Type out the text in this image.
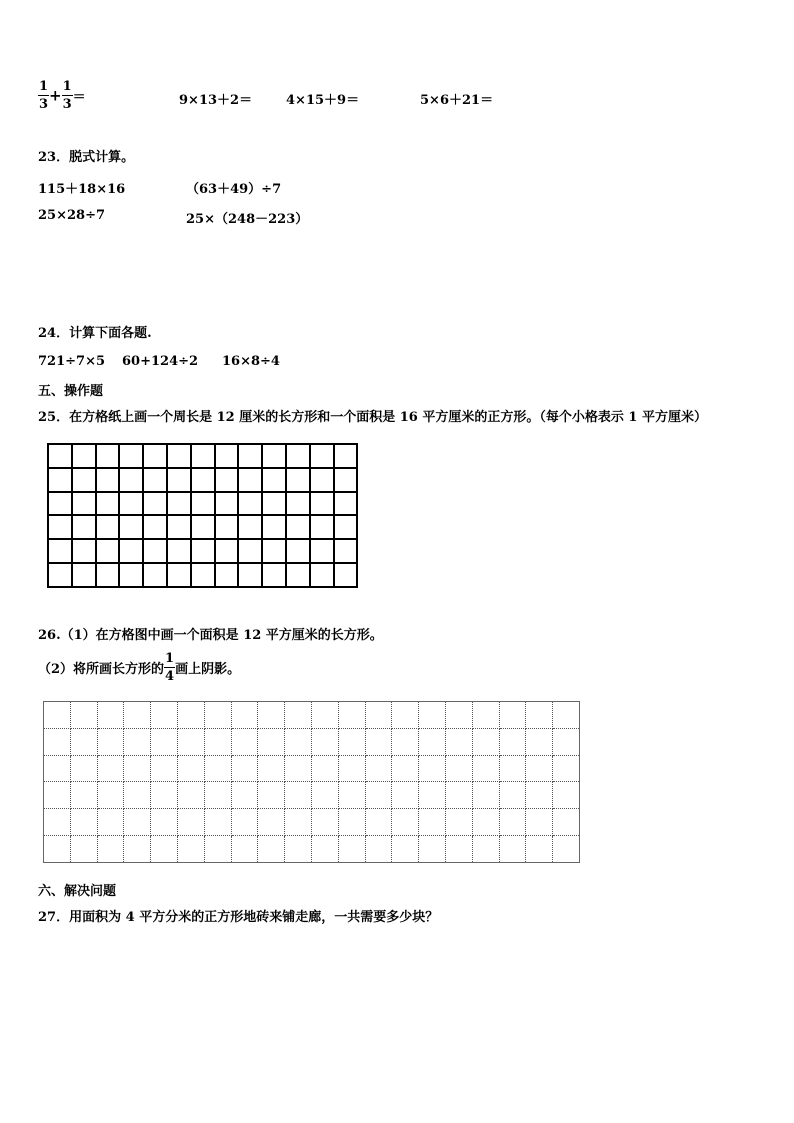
$\frac{1}{3} + \frac{1}{3}$ ＝	9×13＋2＝	4×15＋9＝	5×6＋21＝
23．脱式计算。
115＋18×16	（63＋49）÷7
25×28÷7	25×（248－223）
24．计算下面各题.
721÷7×5 60+124÷2 16×8÷4
五、操作题
25．在方格纸上画一个周长是 12 厘米的长方形和一个面积是 16 平方厘米的正方形。（每个小格表示 1 平方厘米）

26.（1）在方格图中画一个面积是 12 平方厘米的长方形。
（2）将所画长方形的 $\frac{1}{4}$ 画上阴影。

六、解决问题
27．用面积为 4 平方分米的正方形地砖来铺走廊，一共需要多少块？
